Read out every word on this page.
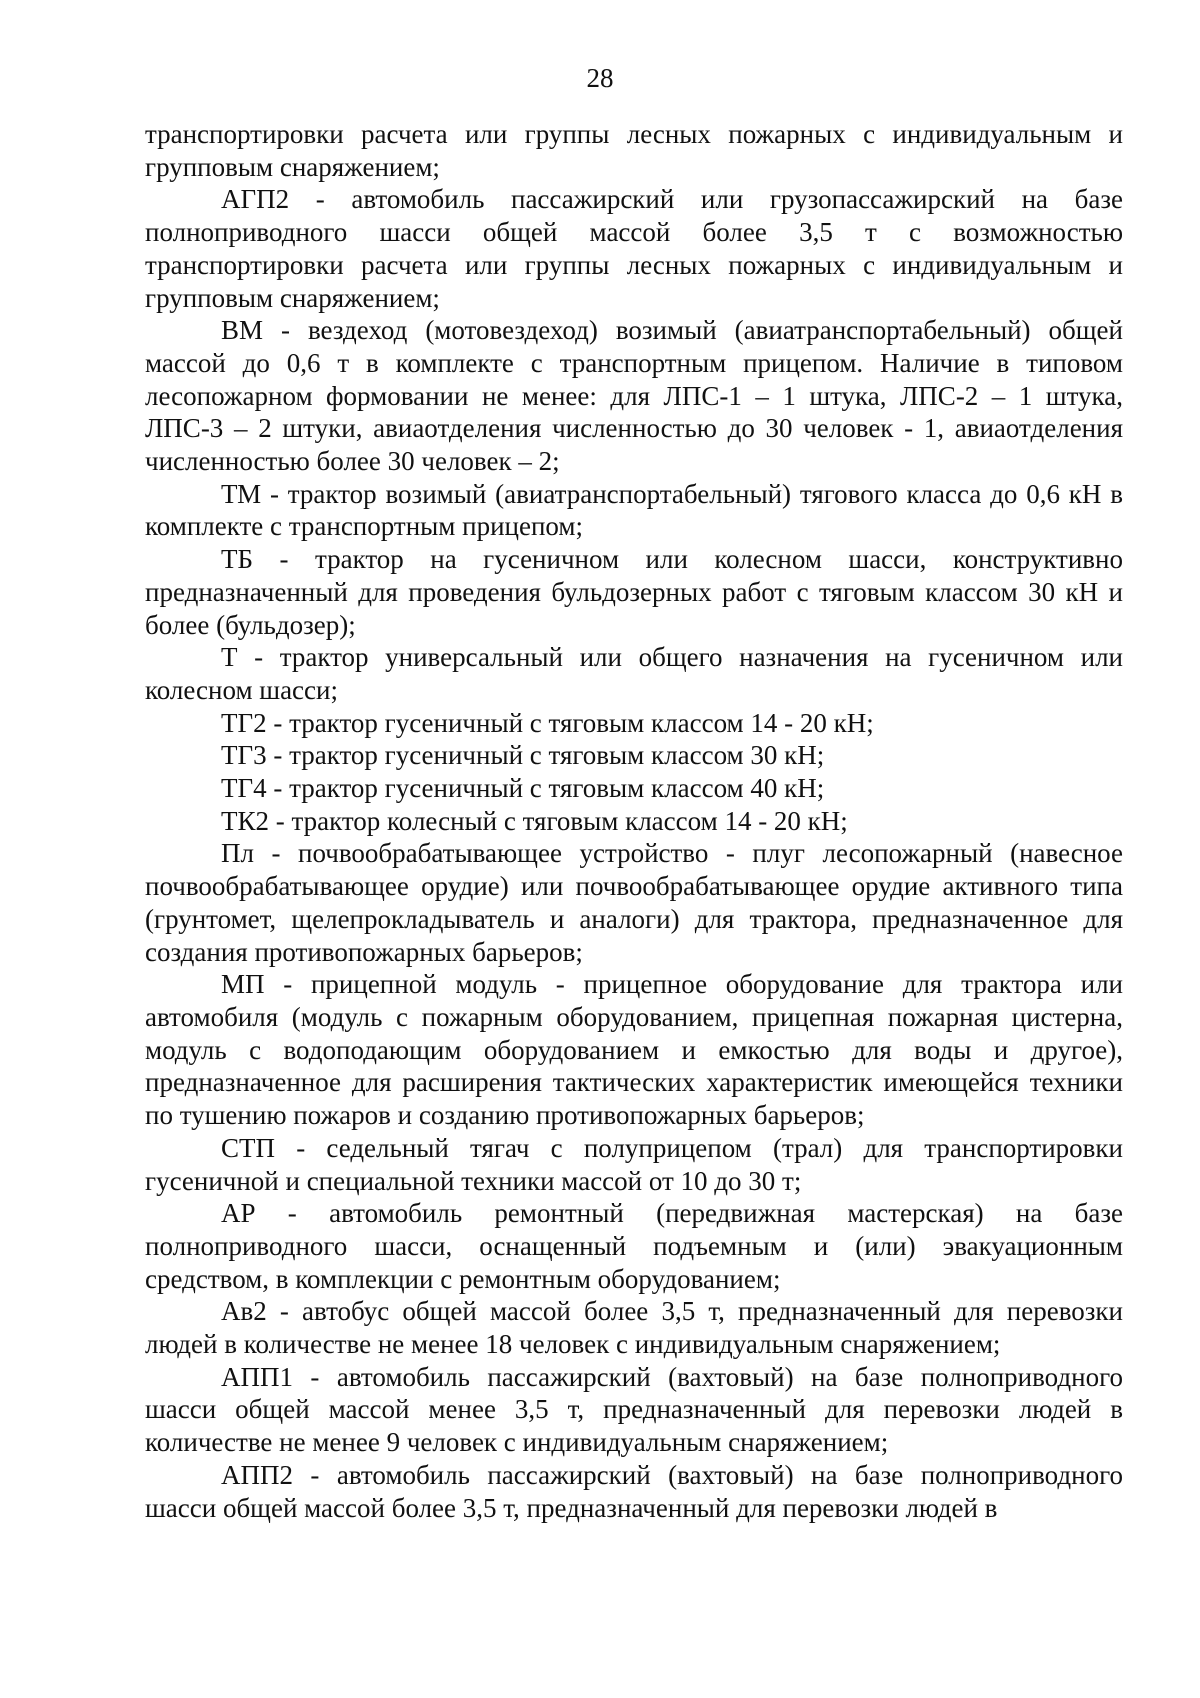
28

транспортировки расчета или группы лесных пожарных с индивидуальным и групповым снаряжением;

АГП2 - автомобиль пассажирский или грузопассажирский на базе полноприводного шасси общей массой более 3,5 т с возможностью транспортировки расчета или группы лесных пожарных с индивидуальным и групповым снаряжением;

ВМ - вездеход (мотовездеход) возимый (авиатранспортабельный) общей массой до 0,6 т в комплекте с транспортным прицепом. Наличие в типовом лесопожарном формовании не менее: для ЛПС-1 – 1 штука, ЛПС-2 – 1 штука, ЛПС-3 – 2 штуки, авиаотделения численностью до 30 человек - 1, авиаотделения численностью более 30 человек – 2;

ТМ - трактор возимый (авиатранспортабельный) тягового класса до 0,6 кН в комплекте с транспортным прицепом;

ТБ - трактор на гусеничном или колесном шасси, конструктивно предназначенный для проведения бульдозерных работ с тяговым классом 30 кН и более (бульдозер);

Т - трактор универсальный или общего назначения на гусеничном или колесном шасси;

ТГ2 - трактор гусеничный с тяговым классом 14 - 20 кН;

ТГ3 - трактор гусеничный с тяговым классом 30 кН;

ТГ4 - трактор гусеничный с тяговым классом 40 кН;

ТК2 - трактор колесный с тяговым классом 14 - 20 кН;

Пл - почвообрабатывающее устройство - плуг лесопожарный (навесное почвообрабатывающее орудие) или почвообрабатывающее орудие активного типа (грунтомет, щелепрокладыватель и аналоги) для трактора, предназначенное для создания противопожарных барьеров;

МП - прицепной модуль - прицепное оборудование для трактора или автомобиля (модуль с пожарным оборудованием, прицепная пожарная цистерна, модуль с водоподающим оборудованием и емкостью для воды и другое), предназначенное для расширения тактических характеристик имеющейся техники по тушению пожаров и созданию противопожарных барьеров;

СТП - седельный тягач с полуприцепом (трал) для транспортировки гусеничной и специальной техники массой от 10 до 30 т;

АР - автомобиль ремонтный (передвижная мастерская) на базе полноприводного шасси, оснащенный подъемным и (или) эвакуационным средством, в комплекции с ремонтным оборудованием;

Ав2 - автобус общей массой более 3,5 т, предназначенный для перевозки людей в количестве не менее 18 человек с индивидуальным снаряжением;

АПП1 - автомобиль пассажирский (вахтовый) на базе полноприводного шасси общей массой менее 3,5 т, предназначенный для перевозки людей в количестве не менее 9 человек с индивидуальным снаряжением;

АПП2 - автомобиль пассажирский (вахтовый) на базе полноприводного шасси общей массой более 3,5 т, предназначенный для перевозки людей в
